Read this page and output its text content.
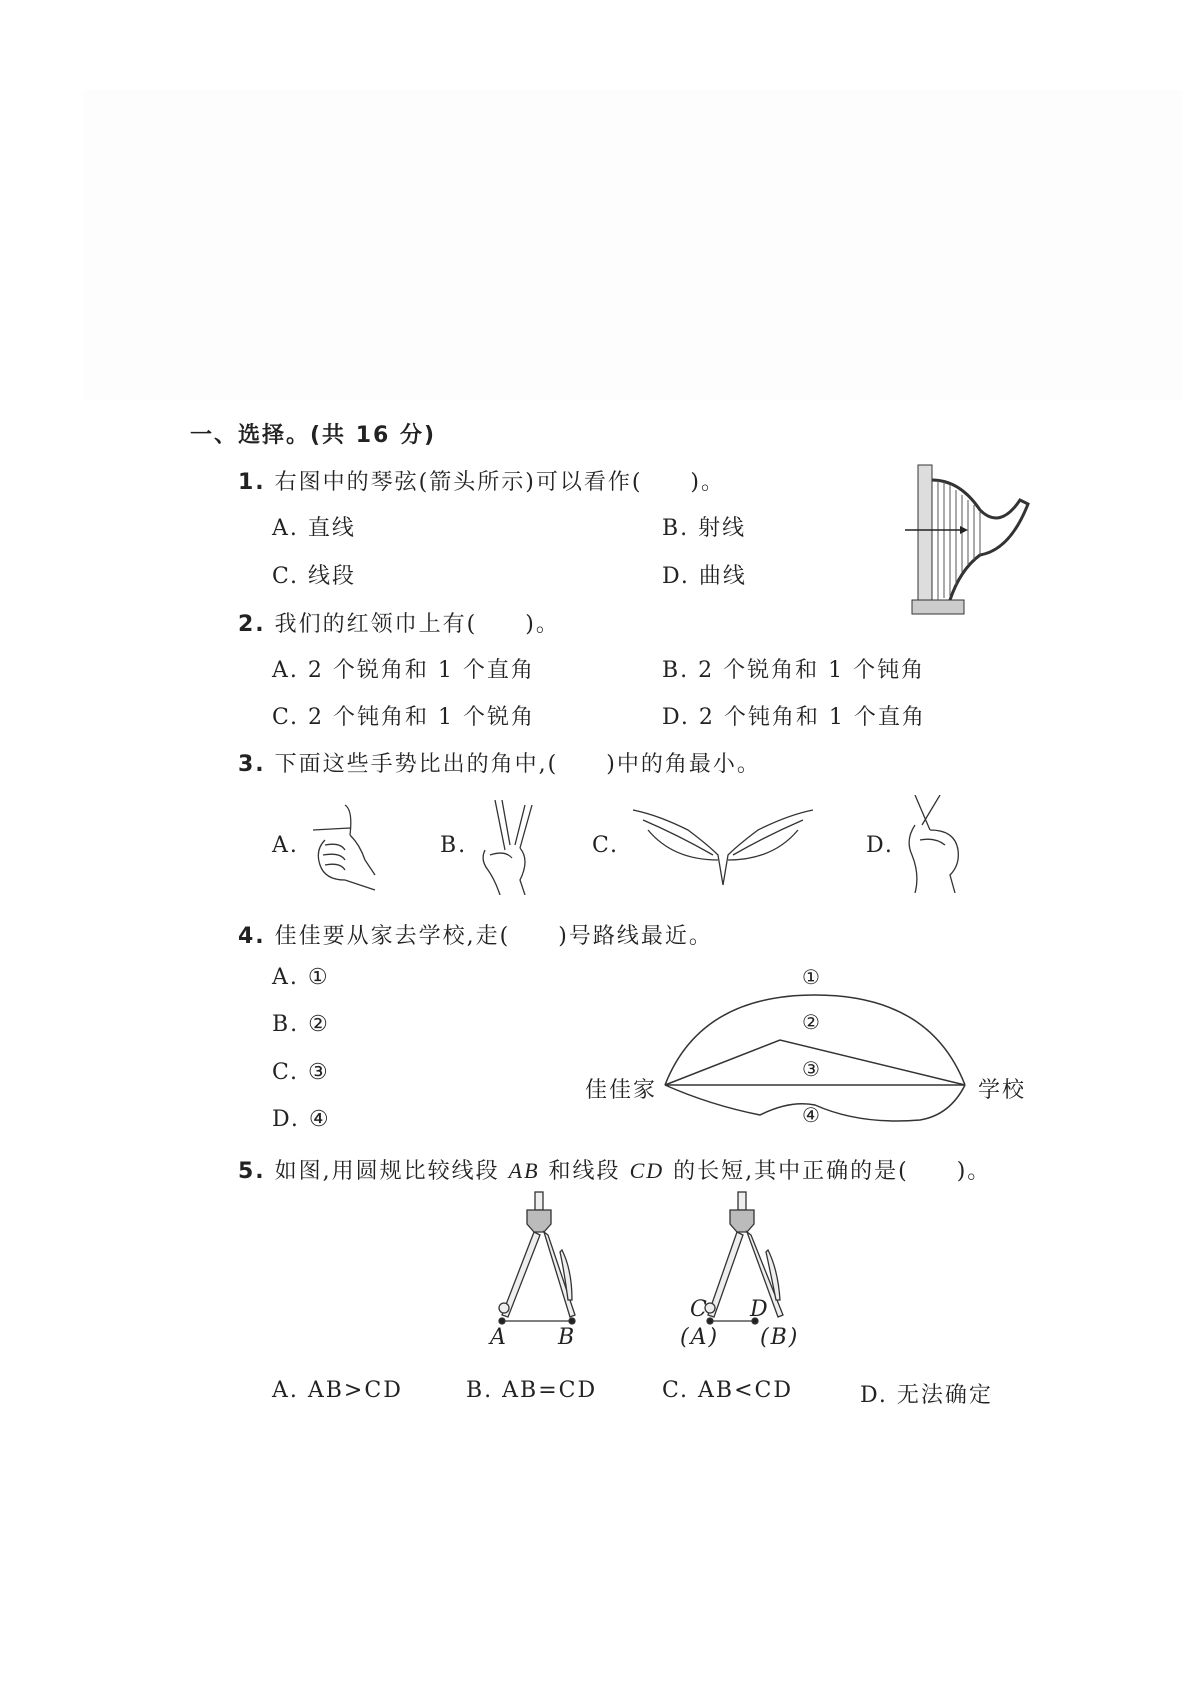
一、选择。(共 16 分)
1. 右图中的琴弦(箭头所示)可以看作(　　)。
A. 直线	B. 射线
C. 线段	D. 曲线
2. 我们的红领巾上有(　　)。
A. 2 个锐角和 1 个直角	B. 2 个锐角和 1 个钝角
C. 2 个钝角和 1 个锐角	D. 2 个钝角和 1 个直角
3. 下面这些手势比出的角中,(　　)中的角最小。
A.	B.	C.	D.
4. 佳佳要从家去学校,走(　　)号路线最近。
A. ①
B. ②
C. ③
D. ④
①
②
③
④
佳佳家	学校
5. 如图,用圆规比较线段 AB 和线段 CD 的长短,其中正确的是(　　)。
A B
C D
(A) (B)
A. AB>CD	B. AB=CD	C. AB<CD	D. 无法确定
